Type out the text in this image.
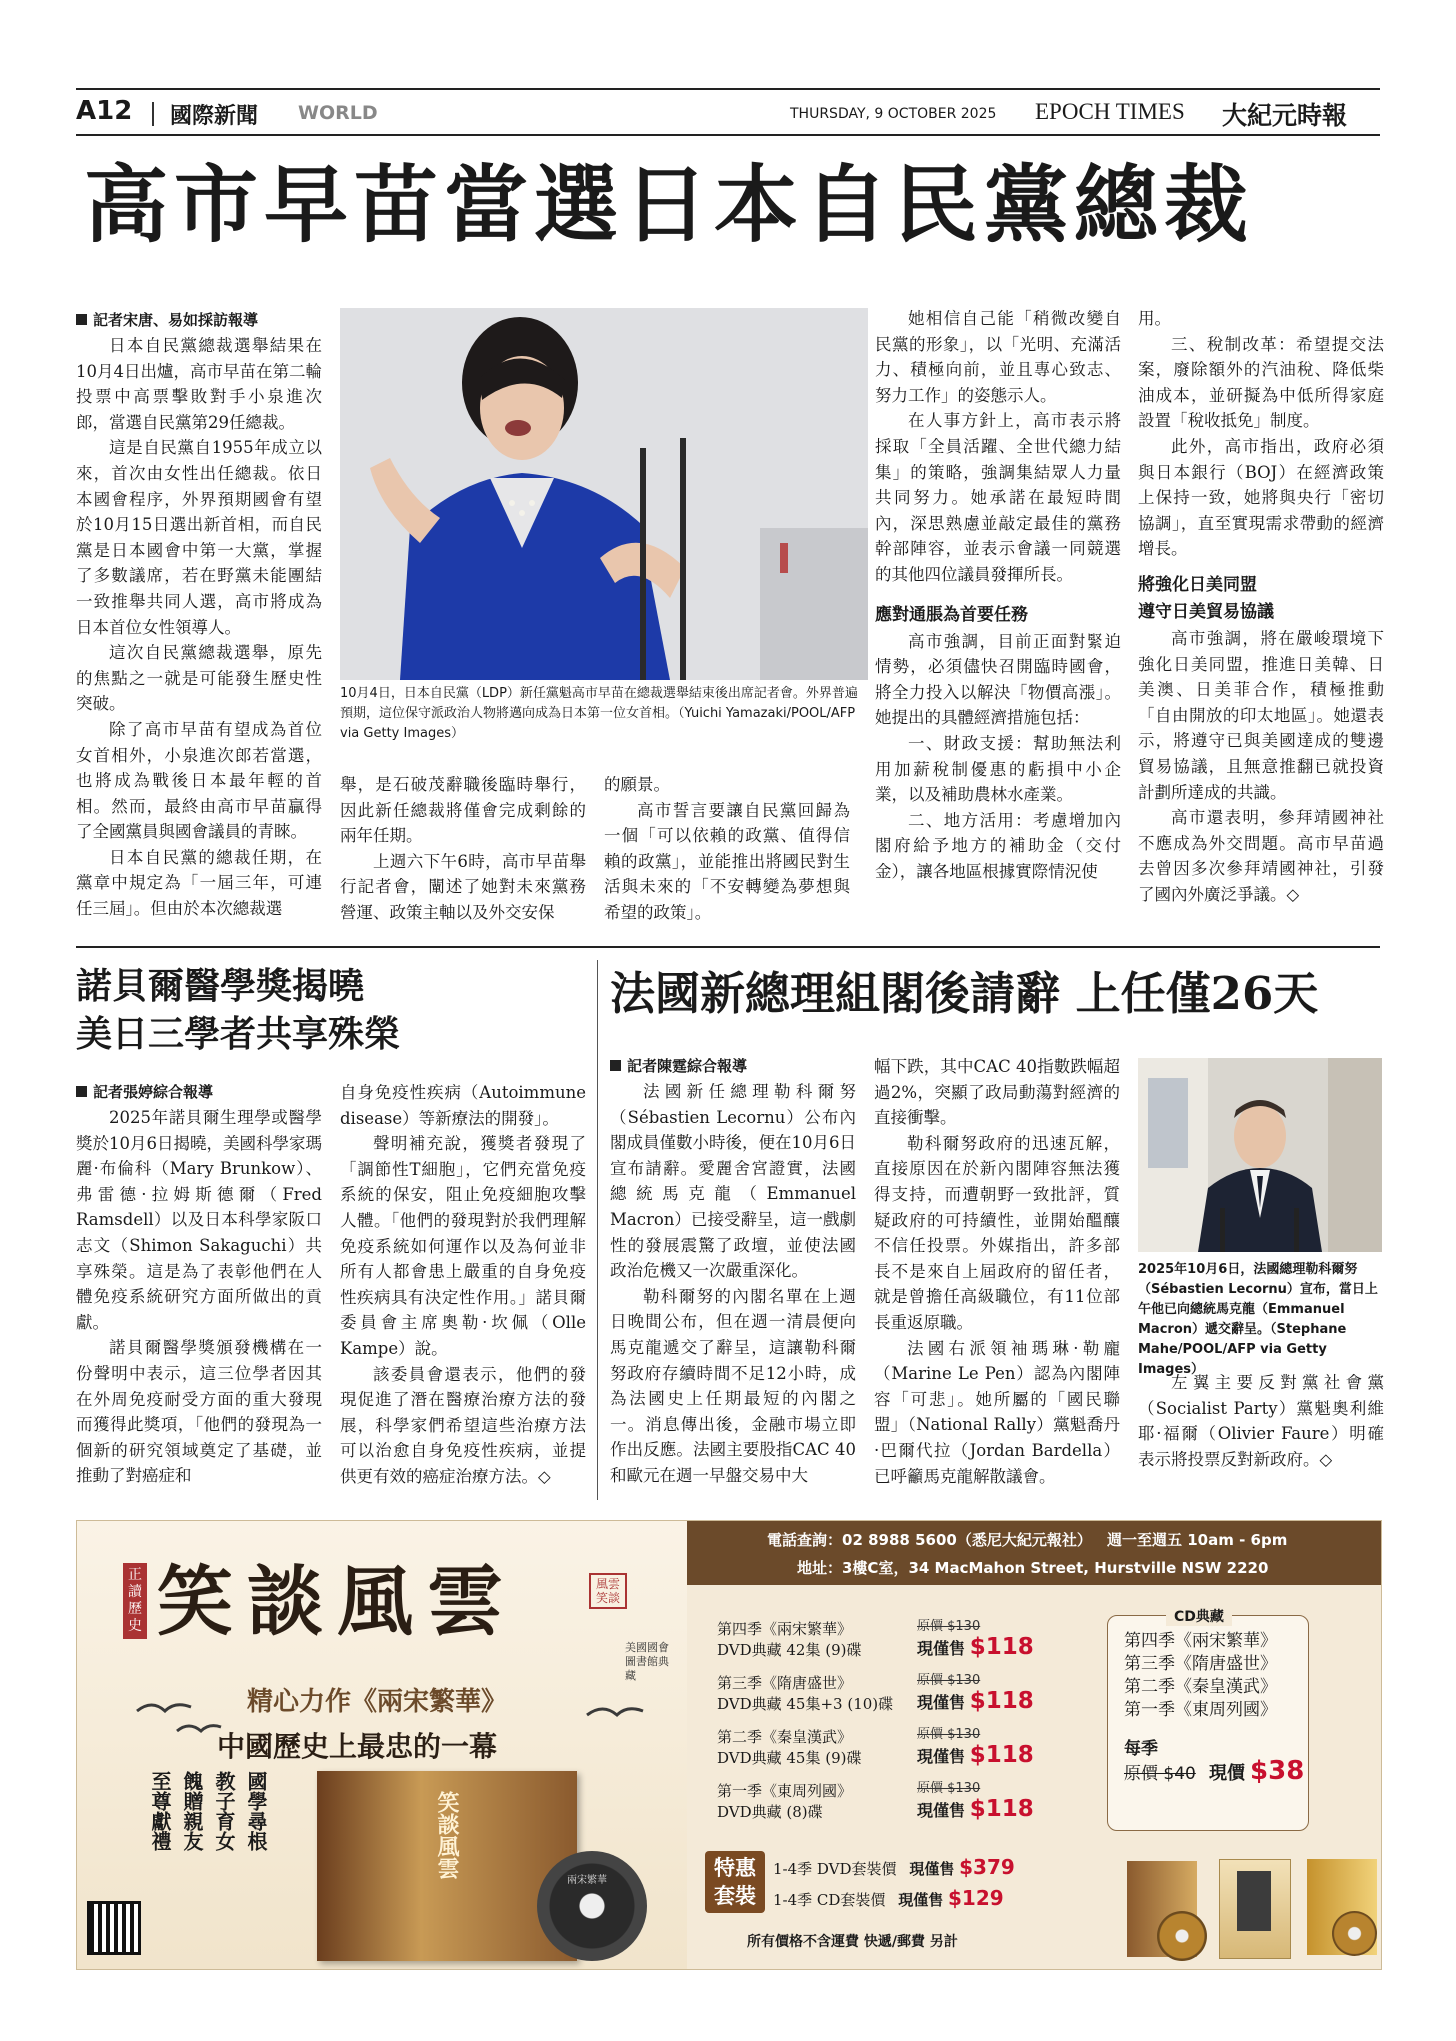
A12 國際新聞 WORLD	THURSDAY, 9 OCTOBER 2025 EPOCH TIMES 大紀元時報
高市早苗當選日本自民黨總裁
記者宋唐、易如採訪報導

日本自民黨總裁選舉結果在10月4日出爐，高市早苗在第二輪投票中高票擊敗對手小泉進次郎，當選自民黨第29任總裁。

這是自民黨自1955年成立以來，首次由女性出任總裁。依日本國會程序，外界預期國會有望於10月15日選出新首相，而自民黨是日本國會中第一大黨，掌握了多數議席，若在野黨未能團結一致推舉共同人選，高市將成為日本首位女性領導人。

這次自民黨總裁選舉，原先的焦點之一就是可能發生歷史性突破。

除了高市早苗有望成為首位女首相外，小泉進次郎若當選，也將成為戰後日本最年輕的首相。然而，最終由高市早苗贏得了全國黨員與國會議員的青睞。

日本自民黨的總裁任期，在黨章中規定為「一屆三年，可連任三屆」。但由於本次總裁選

10月4日，日本自民黨（LDP）新任黨魁高市早苗在總裁選舉結束後出席記者會。外界普遍預期，這位保守派政治人物將邁向成為日本第一位女首相。（Yuichi Yamazaki/POOL/AFP via Getty Images）

舉，是石破茂辭職後臨時舉行，因此新任總裁將僅會完成剩餘的兩年任期。

上週六下午6時，高市早苗舉行記者會，闡述了她對未來黨務營運、政策主軸以及外交安保

的願景。

高市誓言要讓自民黨回歸為一個「可以依賴的政黨、值得信賴的政黨」，並能推出將國民對生活與未來的「不安轉變為夢想與希望的政策」。

她相信自己能「稍微改變自民黨的形象」，以「光明、充滿活力、積極向前，並且專心致志、努力工作」的姿態示人。

在人事方針上，高市表示將採取「全員活躍、全世代總力結集」的策略，強調集結眾人力量共同努力。她承諾在最短時間內，深思熟慮並敲定最佳的黨務幹部陣容，並表示會議一同競選的其他四位議員發揮所長。

應對通脹為首要任務

高市強調，目前正面對緊迫情勢，必須儘快召開臨時國會，將全力投入以解決「物價高漲」。她提出的具體經濟措施包括：

一、財政支援：幫助無法利用加薪稅制優惠的虧損中小企業，以及補助農林水產業。

二、地方活用：考慮增加內閣府給予地方的補助金（交付金），讓各地區根據實際情況使

用。

三、稅制改革：希望提交法案，廢除額外的汽油稅、降低柴油成本，並研擬為中低所得家庭設置「稅收抵免」制度。

此外，高市指出，政府必須與日本銀行（BOJ）在經濟政策上保持一致，她將與央行「密切協調」，直至實現需求帶動的經濟增長。

將強化日美同盟
遵守日美貿易協議

高市強調，將在嚴峻環境下強化日美同盟，推進日美韓、日美澳、日美菲合作，積極推動「自由開放的印太地區」。她還表示，將遵守已與美國達成的雙邊貿易協議，且無意推翻已就投資計劃所達成的共識。

高市還表明，參拜靖國神社不應成為外交問題。高市早苗過去曾因多次參拜靖國神社，引發了國內外廣泛爭議。◇

諾貝爾醫學獎揭曉
美日三學者共享殊榮
記者張婷綜合報導

2025年諾貝爾生理學或醫學獎於10月6日揭曉，美國科學家瑪麗·布倫科（Mary Brunkow）、弗雷德·拉姆斯德爾（Fred Ramsdell）以及日本科學家阪口志文（Shimon Sakaguchi）共享殊榮。這是為了表彰他們在人體免疫系統研究方面所做出的貢獻。

諾貝爾醫學獎頒發機構在一份聲明中表示，這三位學者因其在外周免疫耐受方面的重大發現而獲得此獎項，「他們的發現為一個新的研究領域奠定了基礎，並推動了對癌症和

自身免疫性疾病（Autoimmune disease）等新療法的開發」。

聲明補充說，獲獎者發現了「調節性T細胞」，它們充當免疫系統的保安，阻止免疫細胞攻擊人體。「他們的發現對於我們理解免疫系統如何運作以及為何並非所有人都會患上嚴重的自身免疫性疾病具有決定性作用。」諾貝爾委員會主席奧勒·坎佩（Olle Kampe）說。

該委員會還表示，他們的發現促進了潛在醫療治療方法的發展，科學家們希望這些治療方法可以治愈自身免疫性疾病，並提供更有效的癌症治療方法。◇

法國新總理組閣後請辭 上任僅26天
記者陳霆綜合報導

法國新任總理勒科爾努（Sébastien Lecornu）公布內閣成員僅數小時後，便在10月6日宣布請辭。愛麗舍宮證實，法國總統馬克龍（Emmanuel Macron）已接受辭呈，這一戲劇性的發展震驚了政壇，並使法國政治危機又一次嚴重深化。

勒科爾努的內閣名單在上週日晚間公布，但在週一清晨便向馬克龍遞交了辭呈，這讓勒科爾努政府存續時間不足12小時，成為法國史上任期最短的內閣之一。消息傳出後，金融市場立即作出反應。法國主要股指CAC 40和歐元在週一早盤交易中大

幅下跌，其中CAC 40指數跌幅超過2%，突顯了政局動蕩對經濟的直接衝擊。

勒科爾努政府的迅速瓦解，直接原因在於新內閣陣容無法獲得支持，而遭朝野一致批評，質疑政府的可持續性，並開始醞釀不信任投票。外媒指出，許多部長不是來自上屆政府的留任者，就是曾擔任高級職位，有11位部長重返原職。

法國右派領袖瑪琳·勒龐（Marine Le Pen）認為內閣陣容「可悲」。她所屬的「國民聯盟」（National Rally）黨魁喬丹·巴爾代拉（Jordan Bardella）已呼籲馬克龍解散議會。

2025年10月6日，法國總理勒科爾努（Sébastien Lecornu）宣布，當日上午他已向總統馬克龍（Emmanuel Macron）遞交辭呈。（Stephane Mahe/POOL/AFP via Getty Images）

左翼主要反對黨社會黨（Socialist Party）黨魁奧利維耶·福爾（Olivier Faure）明確表示將投票反對新政府。◇

正讀歷史 笑談風雲	風雲笑談
美國國會圖書館典藏
精心力作《兩宋繁華》
中國歷史上最忠的一幕
國學尋根
教子育女
餽贈親友
至尊獻禮	笑談風雲
兩宋繁華
電話查詢：02 8988 5600（悉尼大紀元報社） 週一至週五 10am - 6pm
地址：3樓C室，34 MacMahon Street, Hurstville NSW 2220
第四季《兩宋繁華》
DVD典藏 42集 (9)碟
原價 $130
現僅售 $118
第三季《隋唐盛世》
DVD典藏 45集+3 (10)碟
原價 $130
現僅售 $118
第二季《秦皇漢武》
DVD典藏 45集 (9)碟
原價 $130
現僅售 $118
第一季《東周列國》
DVD典藏 (8)碟
原價 $130
現僅售 $118
CD典藏
第四季《兩宋繁華》
第三季《隋唐盛世》
第二季《秦皇漢武》
第一季《東周列國》
每季
原價 $40 現價 $38
特惠
套裝
1-4季 DVD套裝價 現僅售 $379
1-4季 CD套裝價 現僅售 $129
所有價格不含運費 快遞/郵費 另計
